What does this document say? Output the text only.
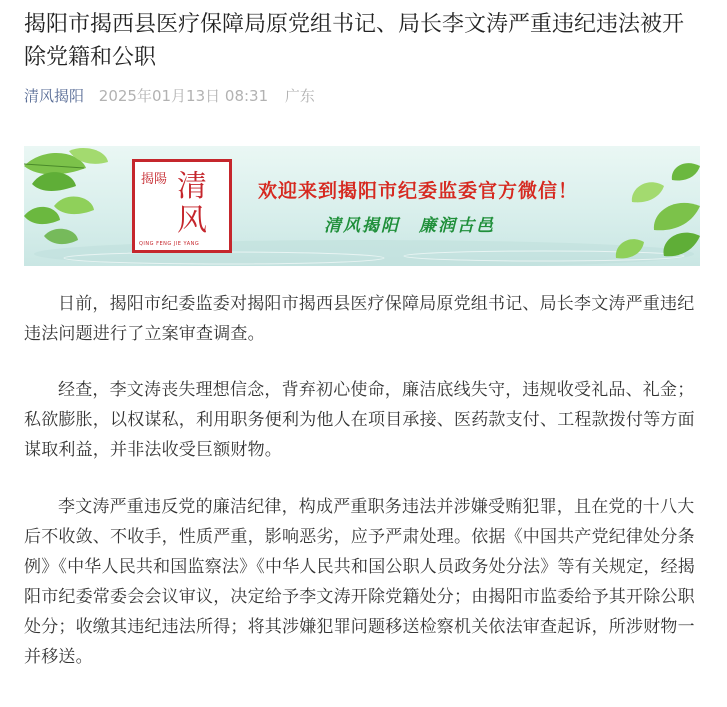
揭阳市揭西县医疗保障局原党组书记、局长李文涛严重违纪违法被开除党籍和公职
清风揭阳 2025年01月13日 08:31 广东
揭陽 清风
QING FENG JIE YANG
欢迎来到揭阳市纪委监委官方微信！
清风揭阳　廉润古邑

日前，揭阳市纪委监委对揭阳市揭西县医疗保障局原党组书记、局长李文涛严重违纪违法问题进行了立案审查调查。

经查，李文涛丧失理想信念，背弃初心使命，廉洁底线失守，违规收受礼品、礼金；私欲膨胀，以权谋私，利用职务便利为他人在项目承接、医药款支付、工程款拨付等方面谋取利益，并非法收受巨额财物。

李文涛严重违反党的廉洁纪律，构成严重职务违法并涉嫌受贿犯罪，且在党的十八大后不收敛、不收手，性质严重，影响恶劣，应予严肃处理。依据《中国共产党纪律处分条例》《中华人民共和国监察法》《中华人民共和国公职人员政务处分法》等有关规定，经揭阳市纪委常委会会议审议，决定给予李文涛开除党籍处分；由揭阳市监委给予其开除公职处分；收缴其违纪违法所得；将其涉嫌犯罪问题移送检察机关依法审查起诉，所涉财物一并移送。
